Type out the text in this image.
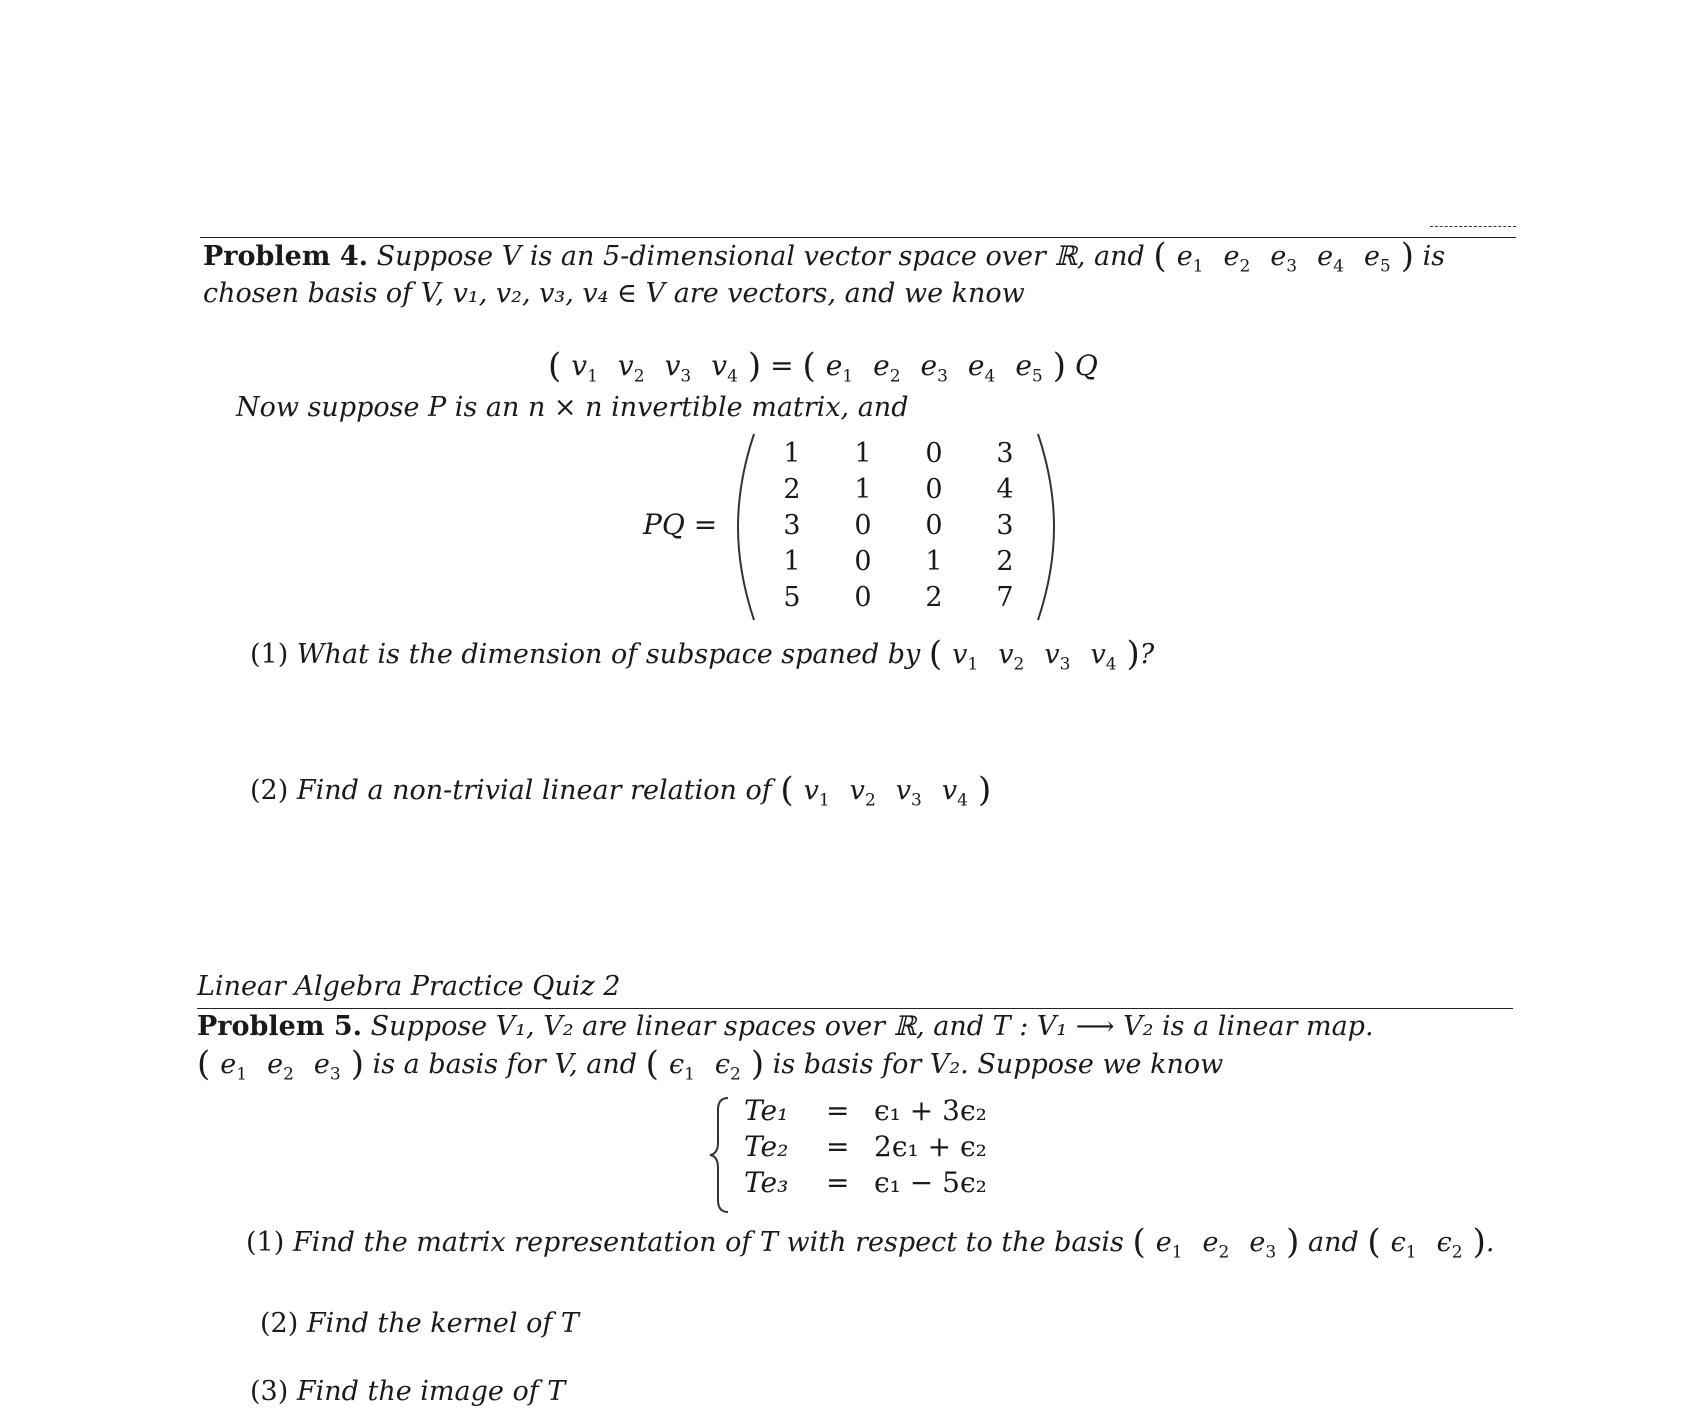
Problem 4. Suppose V is an 5-dimensional vector space over ℝ, and ( $e_1$ $e_2$ $e_3$ $e_4$ $e_5$ ) is
chosen basis of V, v₁, v₂, v₃, v₄ ∈ V are vectors, and we know
( $v_1$ $v_2$ $v_3$ $v_4$ ) = ( $e_1$ $e_2$ $e_3$ $e_4$ $e_5$ ) Q
Now suppose P is an n × n invertible matrix, and
PQ =
1	1	0	3
2	1	0	4
3	0	0	3
1	0	1	2
5	0	2	7
(1) What is the dimension of subspace spaned by ( $v_1$ $v_2$ $v_3$ $v_4$ )?
(2) Find a non-trivial linear relation of ( $v_1$ $v_2$ $v_3$ $v_4$ )
Linear Algebra Practice Quiz 2
Problem 5. Suppose V₁, V₂ are linear spaces over ℝ, and T : V₁ ⟶ V₂ is a linear map.
( $e_1$ $e_2$ $e_3$ ) is a basis for V, and ( $\epsilon_1$ $\epsilon_2$ ) is basis for V₂. Suppose we know
Te₁ = ϵ₁ + 3ϵ₂
Te₂ = 2ϵ₁ + ϵ₂
Te₃ = ϵ₁ − 5ϵ₂
(1) Find the matrix representation of T with respect to the basis ( $e_1$ $e_2$ $e_3$ ) and ( $\epsilon_1$ $\epsilon_2$ ).
(2) Find the kernel of T
(3) Find the image of T
